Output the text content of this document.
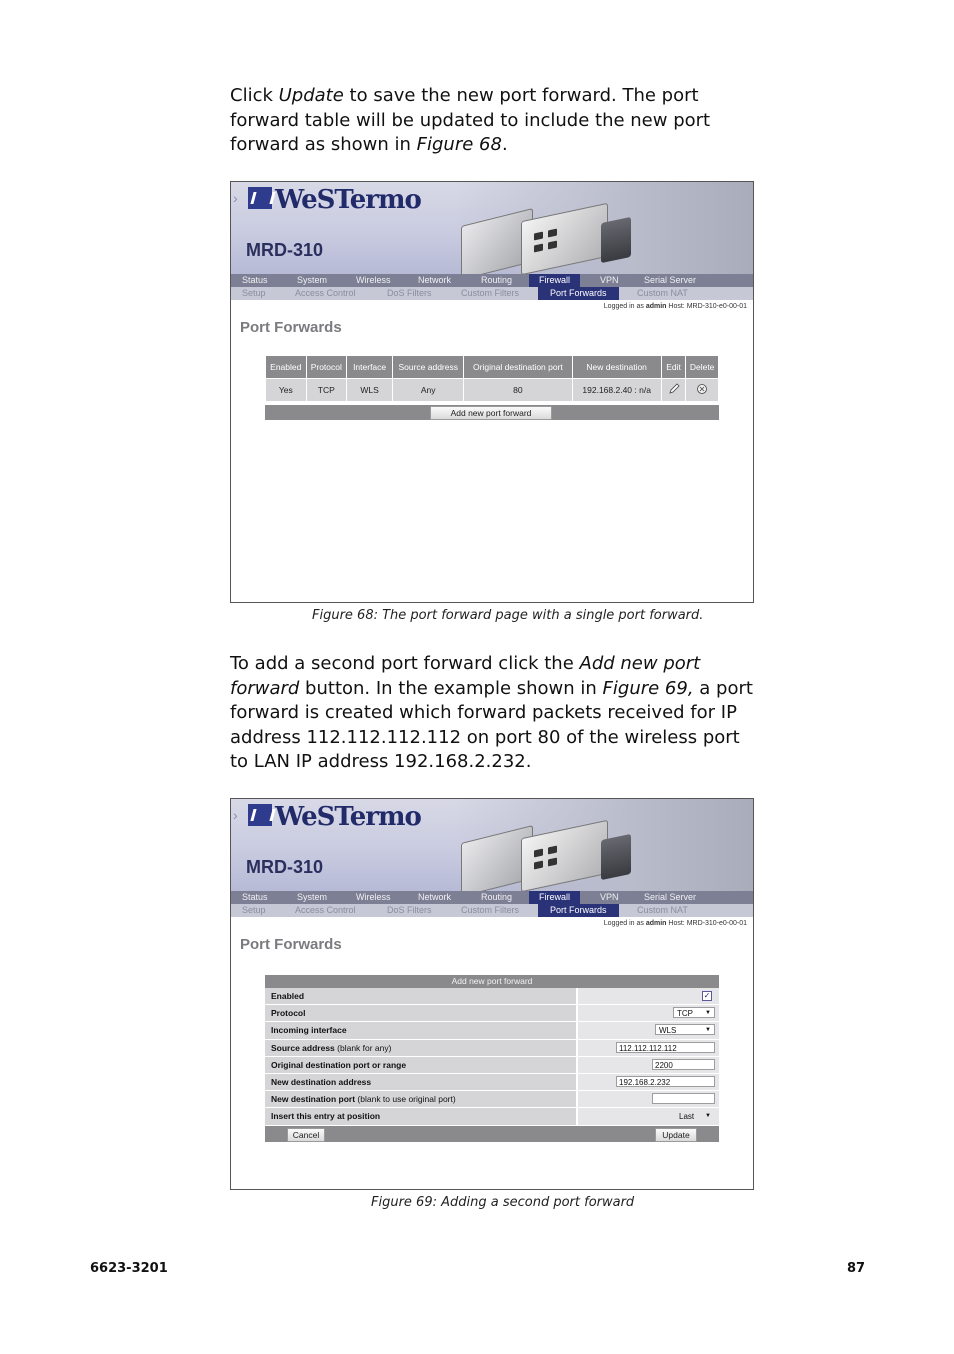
Click Update to save the new port forward. The port forward table will be updated to include the new port forward as shown in Figure 68.
› WeSTermo
MRD-310
Status	System	Wireless	Network	Routing	Firewall	VPN	Serial Server
Setup	Access Control	DoS Filters	Custom Filters	Port Forwards	Custom NAT
Logged in as admin Host: MRD-310-e0-00-01
Port Forwards
Enabled	Protocol	Interface	Source address	Original destination port	New destination	Edit	Delete
Yes	TCP	WLS	Any	80	192.168.2.40 : n/a		
Add new port forward
Figure 68: The port forward page with a single port forward.
To add a second port forward click the Add new port forward button. In the example shown in Figure 69, a port forward is created which forward packets received for IP address 112.112.112.112 on port 80 of the wireless port to LAN IP address 192.168.2.232.
› WeSTermo
MRD-310
Status	System	Wireless	Network	Routing	Firewall	VPN	Serial Server
Setup	Access Control	DoS Filters	Custom Filters	Port Forwards	Custom NAT
Logged in as admin Host: MRD-310-e0-00-01
Port Forwards
Add new port forward
Enabled	✓
Protocol	TCP ▼
Incoming interface	WLS	▼
Source address (blank for any)	112.112.112.112
Original destination port or range	2200
New destination address	192.168.2.232
New destination port (blank to use original port)
Insert this entry at position	Last ▼
Cancel	Update
Figure 69: Adding a second port forward
6623-3201	87
